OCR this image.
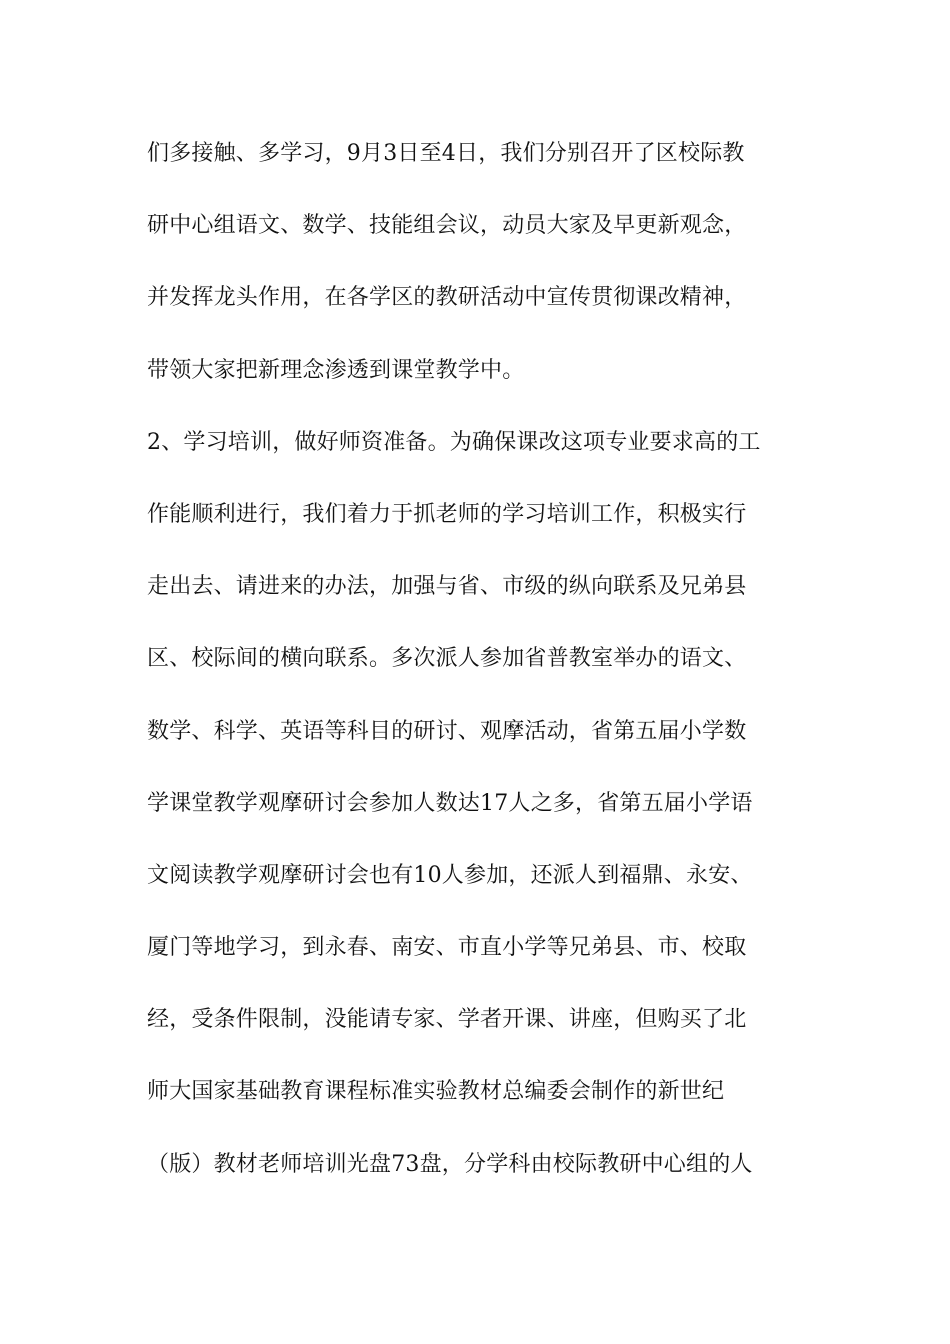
们多接触、多学习，9月3日至4日，我们分别召开了区校际教
研中心组语文、数学、技能组会议，动员大家及早更新观念，
并发挥龙头作用，在各学区的教研活动中宣传贯彻课改精神，
带领大家把新理念渗透到课堂教学中。
2、学习培训，做好师资准备。为确保课改这项专业要求高的工
作能顺利进行，我们着力于抓老师的学习培训工作，积极实行
走出去、请进来的办法，加强与省、市级的纵向联系及兄弟县
区、校际间的横向联系。多次派人参加省普教室举办的语文、
数学、科学、英语等科目的研讨、观摩活动，省第五届小学数
学课堂教学观摩研讨会参加人数达17人之多，省第五届小学语
文阅读教学观摩研讨会也有10人参加，还派人到福鼎、永安、
厦门等地学习，到永春、南安、市直小学等兄弟县、市、校取
经，受条件限制，没能请专家、学者开课、讲座，但购买了北
师大国家基础教育课程标准实验教材总编委会制作的新世纪
（版）教材老师培训光盘73盘，分学科由校际教研中心组的人
